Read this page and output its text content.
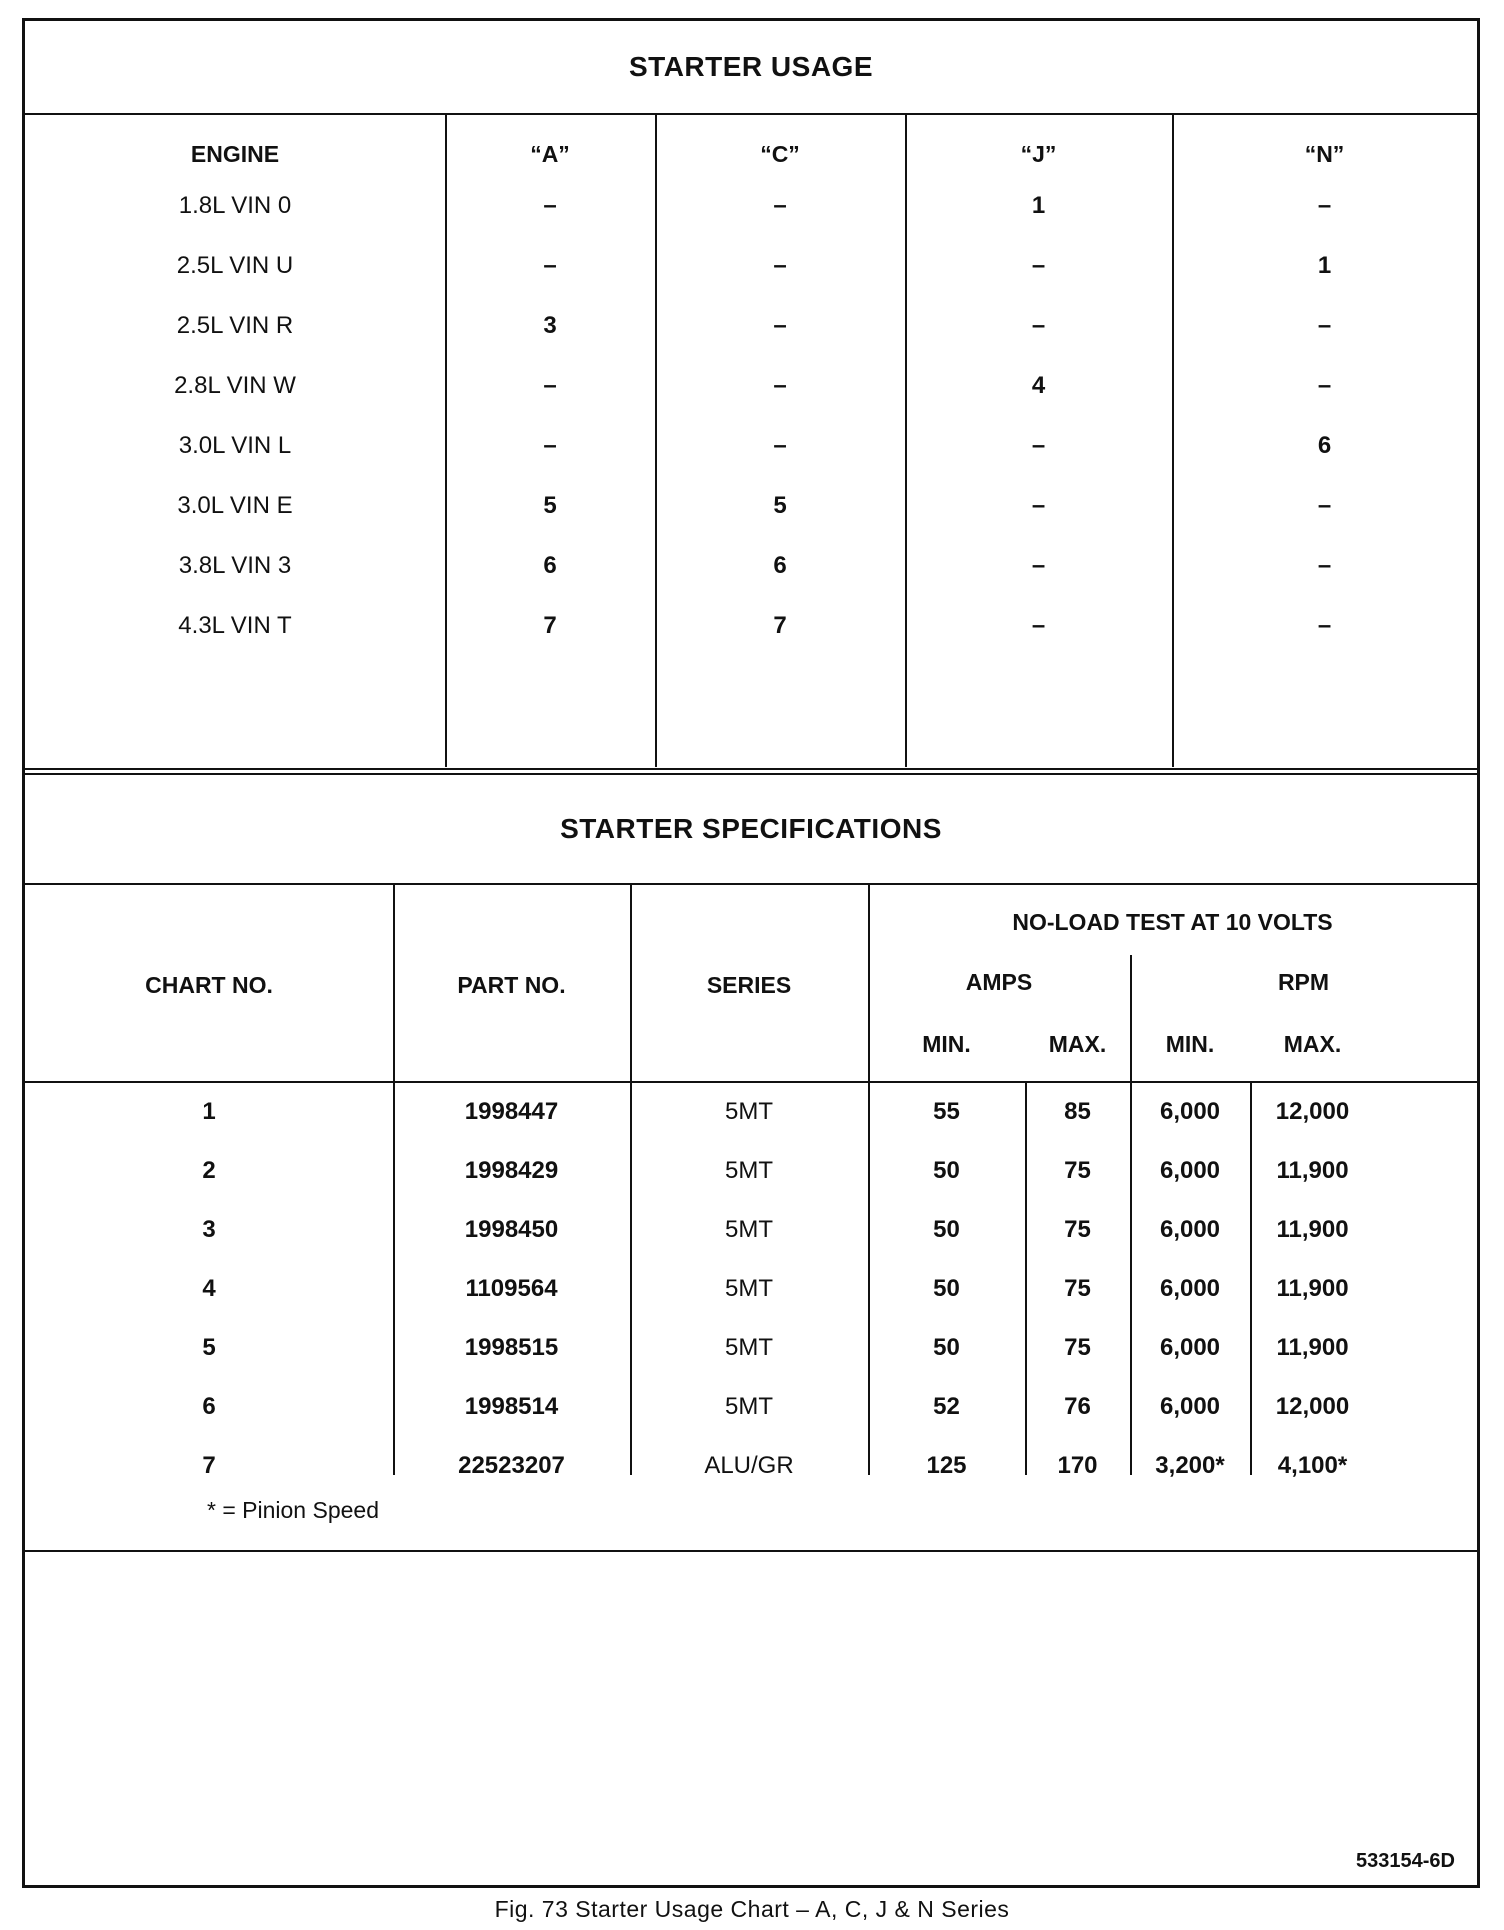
STARTER USAGE
ENGINE	“A”	“C”	“J”	“N”
1.8L VIN 0	–	–	1	–
2.5L VIN U	–	–	–	1
2.5L VIN R	3	–	–	–
2.8L VIN W	–	–	4	–
3.0L VIN L	–	–	–	6
3.0L VIN E	5	5	–	–
3.8L VIN 3	6	6	–	–
4.3L VIN T	7	7	–	–
STARTER SPECIFICATIONS
CHART NO.	PART NO.	SERIES
NO-LOAD TEST AT 10 VOLTS
AMPS	RPM
MIN.	MAX.	MIN.	MAX.
1	1998447	5MT	55	85	6,000	12,000
2	1998429	5MT	50	75	6,000	11,900
3	1998450	5MT	50	75	6,000	11,900
4	1109564	5MT	50	75	6,000	11,900
5	1998515	5MT	50	75	6,000	11,900
6	1998514	5MT	52	76	6,000	12,000
7	22523207	ALU/GR	125	170	3,200*	4,100*
* = Pinion Speed
533154-6D
Fig. 73 Starter Usage Chart – A, C, J & N Series
